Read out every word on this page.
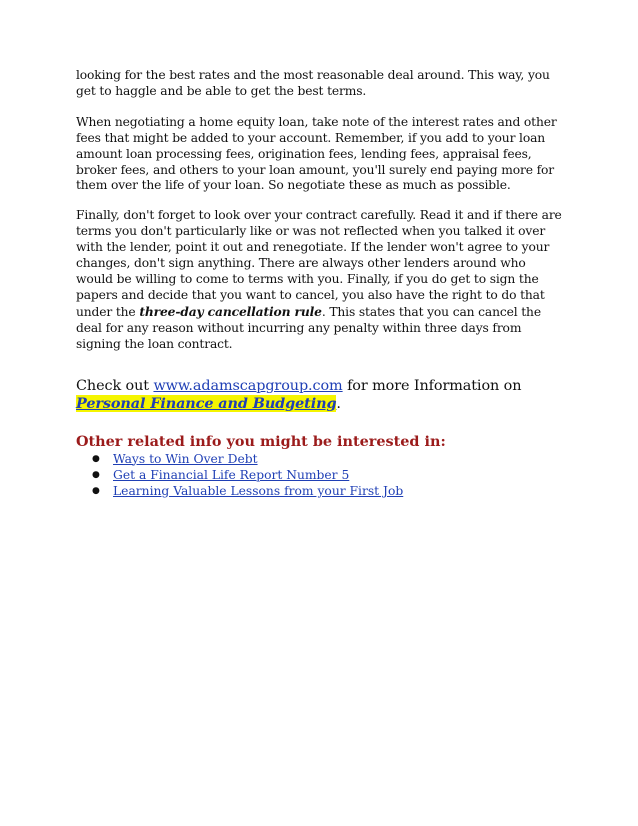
looking for the best rates and the most reasonable deal around. This way, you get to haggle and be able to get the best terms.

When negotiating a home equity loan, take note of the interest rates and other fees that might be added to your account. Remember, if you add to your loan amount loan processing fees, origination fees, lending fees, appraisal fees, broker fees, and others to your loan amount, you'll surely end paying more for them over the life of your loan. So negotiate these as much as possible.

Finally, don't forget to look over your contract carefully. Read it and if there are terms you don't particularly like or was not reflected when you talked it over with the lender, point it out and renegotiate. If the lender won't agree to your changes, don't sign anything. There are always other lenders around who would be willing to come to terms with you. Finally, if you do get to sign the papers and decide that you want to cancel, you also have the right to do that under the three-day cancellation rule. This states that you can cancel the deal for any reason without incurring any penalty within three days from signing the loan contract.

Check out www.adamscapgroup.com for more Information on Personal Finance and Budgeting.

Other related info you might be interested in:
● Ways to Win Over Debt
● Get a Financial Life Report Number 5
● Learning Valuable Lessons from your First Job
